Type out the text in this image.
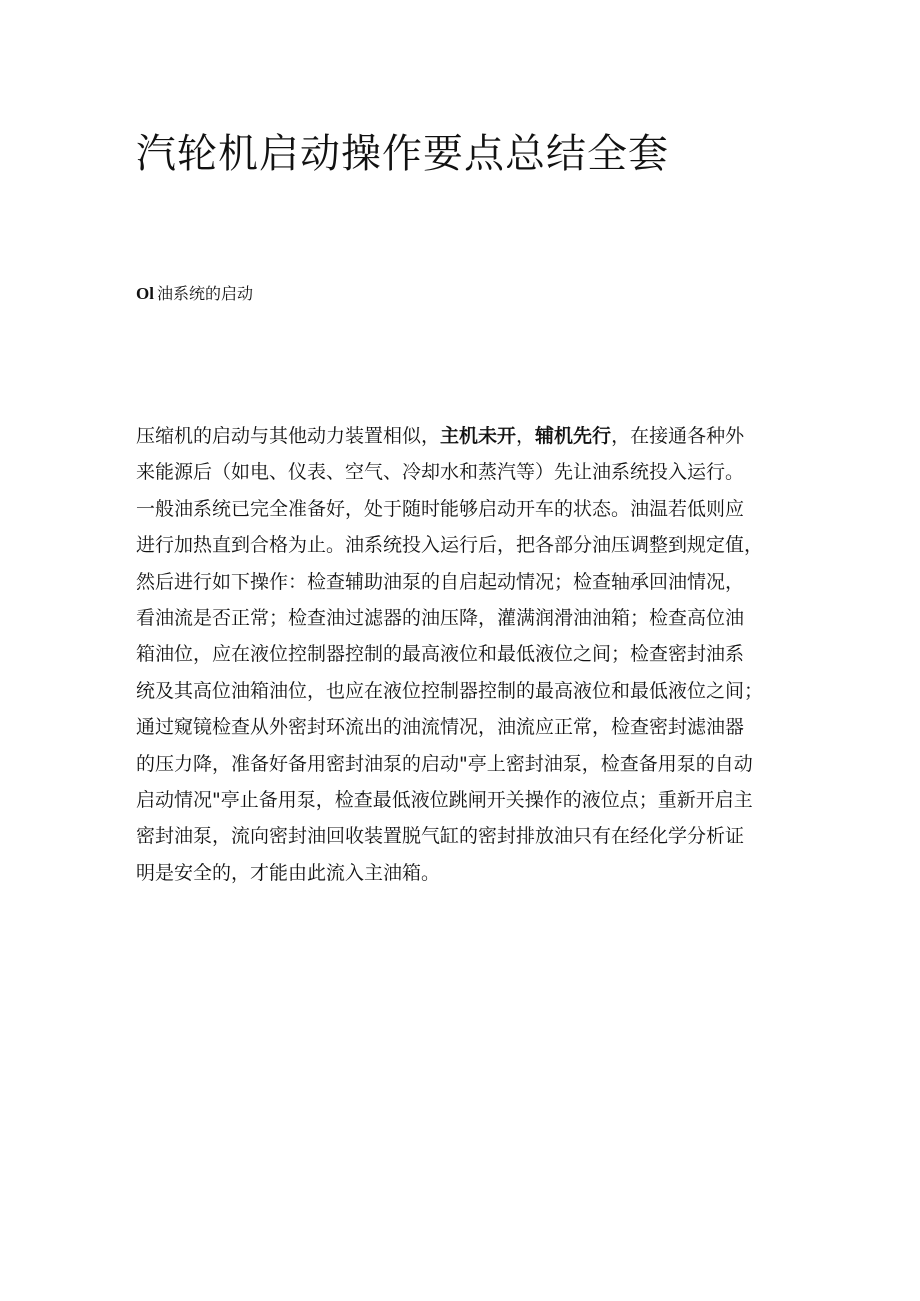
汽轮机启动操作要点总结全套
Ol 油系统的启动
压缩机的启动与其他动力装置相似，主机未开，辅机先行，在接通各种外
来能源后（如电、仪表、空气、冷却水和蒸汽等）先让油系统投入运行。
一般油系统已完全准备好，处于随时能够启动开车的状态。油温若低则应
进行加热直到合格为止。油系统投入运行后，把各部分油压调整到规定值，
然后进行如下操作：检查辅助油泵的自启起动情况；检查轴承回油情况，
看油流是否正常；检查油过滤器的油压降，灌满润滑油油箱；检查高位油
箱油位，应在液位控制器控制的最高液位和最低液位之间；检查密封油系
统及其高位油箱油位，也应在液位控制器控制的最高液位和最低液位之间；
通过窥镜检查从外密封环流出的油流情况，油流应正常，检查密封滤油器
的压力降，准备好备用密封油泵的启动"亭上密封油泵，检查备用泵的自动
启动情况"亭止备用泵，检查最低液位跳闸开关操作的液位点；重新开启主
密封油泵，流向密封油回收装置脱气缸的密封排放油只有在经化学分析证
明是安全的，才能由此流入主油箱。
